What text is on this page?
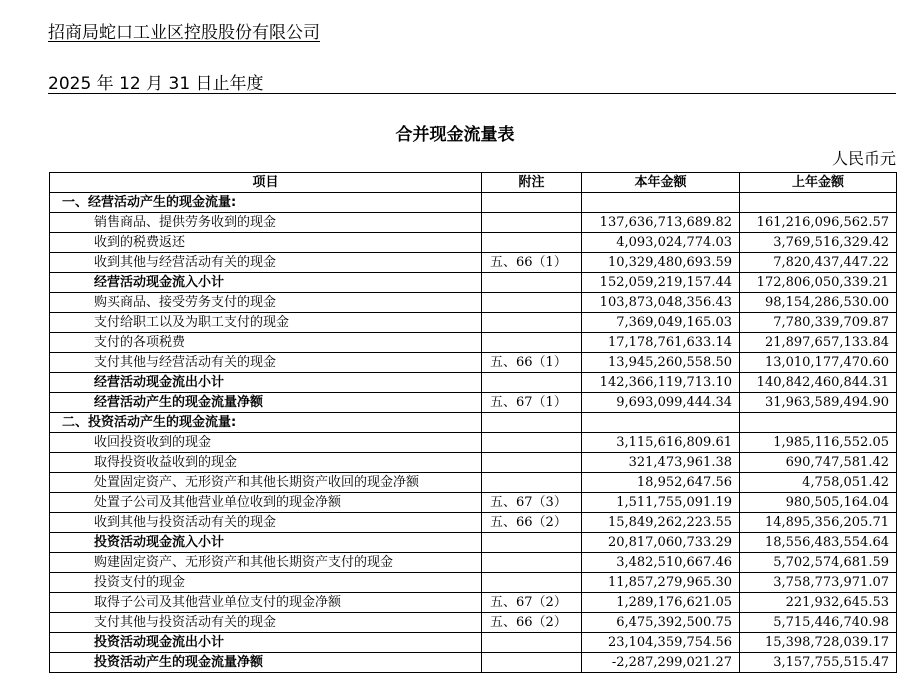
招商局蛇口工业区控股股份有限公司
2025 年 12 月 31 日止年度
合并现金流量表
人民币元
项目	附注	本年金额	上年金额
一、经营活动产生的现金流量:			
销售商品、提供劳务收到的现金		137,636,713,689.82	161,216,096,562.57
收到的税费返还		4,093,024,774.03	3,769,516,329.42
收到其他与经营活动有关的现金	五、66（1）	10,329,480,693.59	7,820,437,447.22
经营活动现金流入小计		152,059,219,157.44	172,806,050,339.21
购买商品、接受劳务支付的现金		103,873,048,356.43	98,154,286,530.00
支付给职工以及为职工支付的现金		7,369,049,165.03	7,780,339,709.87
支付的各项税费		17,178,761,633.14	21,897,657,133.84
支付其他与经营活动有关的现金	五、66（1）	13,945,260,558.50	13,010,177,470.60
经营活动现金流出小计		142,366,119,713.10	140,842,460,844.31
经营活动产生的现金流量净额	五、67（1）	9,693,099,444.34	31,963,589,494.90
二、投资活动产生的现金流量:			
收回投资收到的现金		3,115,616,809.61	1,985,116,552.05
取得投资收益收到的现金		321,473,961.38	690,747,581.42
处置固定资产、无形资产和其他长期资产收回的现金净额		18,952,647.56	4,758,051.42
处置子公司及其他营业单位收到的现金净额	五、67（3）	1,511,755,091.19	980,505,164.04
收到其他与投资活动有关的现金	五、66（2）	15,849,262,223.55	14,895,356,205.71
投资活动现金流入小计		20,817,060,733.29	18,556,483,554.64
购建固定资产、无形资产和其他长期资产支付的现金		3,482,510,667.46	5,702,574,681.59
投资支付的现金		11,857,279,965.30	3,758,773,971.07
取得子公司及其他营业单位支付的现金净额	五、67（2）	1,289,176,621.05	221,932,645.53
支付其他与投资活动有关的现金	五、66（2）	6,475,392,500.75	5,715,446,740.98
投资活动现金流出小计		23,104,359,754.56	15,398,728,039.17
投资活动产生的现金流量净额		-2,287,299,021.27	3,157,755,515.47
